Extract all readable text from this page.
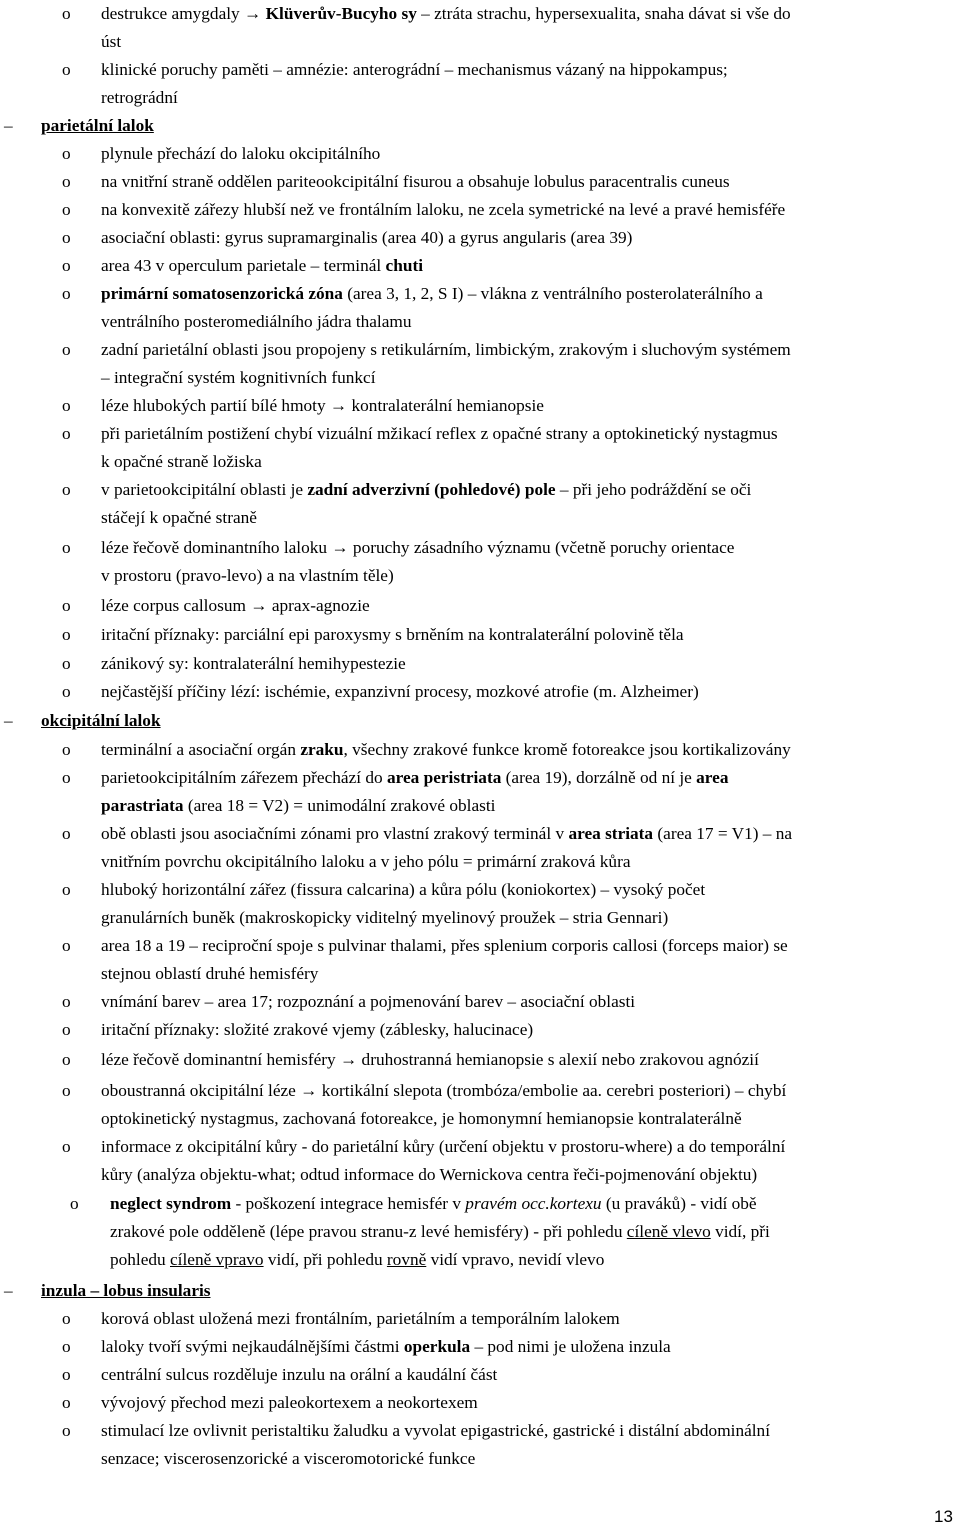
o destrukce amygdaly → Klüverův-Bucyho sy – ztráta strachu, hypersexualita, snaha dávat si vše do
úst
o klinické poruchy paměti – amnézie: anterográdní – mechanismus vázaný na hippokampus;
retrográdní
– parietální lalok
o plynule přechází do laloku okcipitálního
o na vnitřní straně oddělen pariteookcipitální fisurou a obsahuje lobulus paracentralis cuneus
o na konvexitě zářezy hlubší než ve frontálním laloku, ne zcela symetrické na levé a pravé hemisféře
o asociační oblasti: gyrus supramarginalis (area 40) a gyrus angularis (area 39)
o area 43 v operculum parietale – terminál chuti
o primární somatosenzorická zóna (area 3, 1, 2, S I) – vlákna z ventrálního posterolaterálního a
ventrálního posteromediálního jádra thalamu
o zadní parietální oblasti jsou propojeny s retikulárním, limbickým, zrakovým i sluchovým systémem
– integrační systém kognitivních funkcí
o léze hlubokých partií bílé hmoty → kontralaterální hemianopsie
o při parietálním postižení chybí vizuální mžikací reflex z opačné strany a optokinetický nystagmus
k opačné straně ložiska
o v parietookcipitální oblasti je zadní adverzivní (pohledové) pole – při jeho podráždění se oči
stáčejí k opačné straně
o léze řečově dominantního laloku → poruchy zásadního významu (včetně poruchy orientace
v prostoru (pravo-levo) a na vlastním těle)
o léze corpus callosum → aprax-agnozie
o iritační příznaky: parciální epi paroxysmy s brněním na kontralaterální polovině těla
o zánikový sy: kontralaterální hemihypestezie
o nejčastější příčiny lézí: ischémie, expanzivní procesy, mozkové atrofie (m. Alzheimer)
– okcipitální lalok
o terminální a asociační orgán zraku, všechny zrakové funkce kromě fotoreakce jsou kortikalizovány
o parietookcipitálním zářezem přechází do area peristriata (area 19), dorzálně od ní je area
parastriata (area 18 = V2) = unimodální zrakové oblasti
o obě oblasti jsou asociačními zónami pro vlastní zrakový terminál v area striata (area 17 = V1) – na
vnitřním povrchu okcipitálního laloku a v jeho pólu = primární zraková kůra
o hluboký horizontální zářez (fissura calcarina) a kůra pólu (koniokortex) – vysoký počet
granulárních buněk (makroskopicky viditelný myelinový proužek – stria Gennari)
o area 18 a 19 – reciproční spoje s pulvinar thalami, přes splenium corporis callosi (forceps maior) se
stejnou oblastí druhé hemisféry
o vnímání barev – area 17; rozpoznání a pojmenování barev – asociační oblasti
o iritační příznaky: složité zrakové vjemy (záblesky, halucinace)
o léze řečově dominantní hemisféry → druhostranná hemianopsie s alexií nebo zrakovou agnózií
o oboustranná okcipitální léze → kortikální slepota (trombóza/embolie aa. cerebri posteriori) – chybí
optokinetický nystagmus, zachovaná fotoreakce, je homonymní hemianopsie kontralaterálně
o informace z okcipitální kůry - do parietální kůry (určení objektu v prostoru-where) a do temporální
kůry (analýza objektu-what; odtud informace do Wernickova centra řeči-pojmenování objektu)
o neglect syndrom - poškození integrace hemisfér v pravém occ.kortexu (u praváků) - vidí obě
zrakové pole odděleně (lépe pravou stranu-z levé hemisféry) - při pohledu cíleně vlevo vidí, při
pohledu cíleně vpravo vidí, při pohledu rovně vidí vpravo, nevidí vlevo
– inzula – lobus insularis
o korová oblast uložená mezi frontálním, parietálním a temporálním lalokem
o laloky tvoří svými nejkaudálnějšími částmi operkula – pod nimi je uložena inzula
o centrální sulcus rozděluje inzulu na orální a kaudální část
o vývojový přechod mezi paleokortexem a neokortexem
o stimulací lze ovlivnit peristaltiku žaludku a vyvolat epigastrické, gastrické i distální abdominální
senzace; viscerosenzorické a visceromotorické funkce
13
